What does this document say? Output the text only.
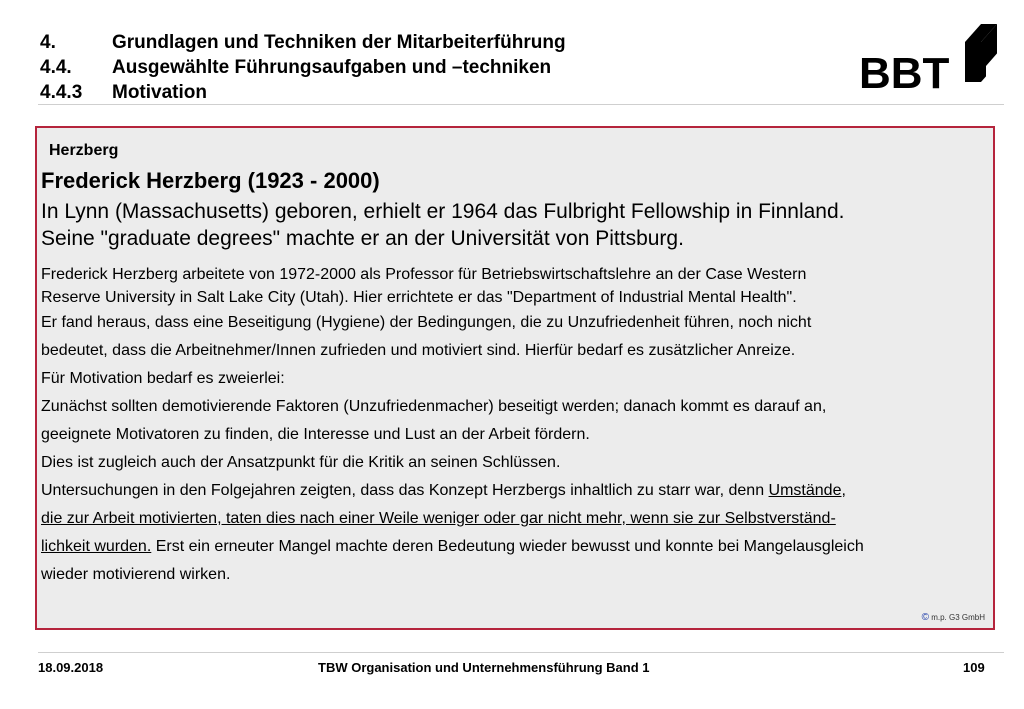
4.	Grundlagen und Techniken der Mitarbeiterführung
4.4. Ausgewählte Führungsaufgaben und –techniken
4.4.3 Motivation	BBT
Herzberg
Frederick Herzberg (1923 - 2000)
In Lynn (Massachusetts) geboren, erhielt er 1964 das Fulbright Fellowship in Finnland.
Seine "graduate degrees" machte er an der Universität von Pittsburg.
Frederick Herzberg arbeitete von 1972-2000 als Professor für Betriebswirtschaftslehre an der Case Western
Reserve University in Salt Lake City (Utah). Hier errichtete er das "Department of Industrial Mental Health".
Er fand heraus, dass eine Beseitigung (Hygiene) der Bedingungen, die zu Unzufriedenheit führen, noch nicht
bedeutet, dass die Arbeitnehmer/Innen zufrieden und motiviert sind. Hierfür bedarf es zusätzlicher Anreize.
Für Motivation bedarf es zweierlei:
Zunächst sollten demotivierende Faktoren (Unzufriedenmacher) beseitigt werden; danach kommt es darauf an,
geeignete Motivatoren zu finden, die Interesse und Lust an der Arbeit fördern.
Dies ist zugleich auch der Ansatzpunkt für die Kritik an seinen Schlüssen.
Untersuchungen in den Folgejahren zeigten, dass das Konzept Herzbergs inhaltlich zu starr war, denn Umstände,
die zur Arbeit motivierten, taten dies nach einer Weile weniger oder gar nicht mehr, wenn sie zur Selbstverständ-
lichkeit wurden. Erst ein erneuter Mangel machte deren Bedeutung wieder bewusst und konnte bei Mangelausgleich
wieder motivierend wirken.
© m.p. G3 GmbH
18.09.2018	TBW Organisation und Unternehmensführung Band 1	109
